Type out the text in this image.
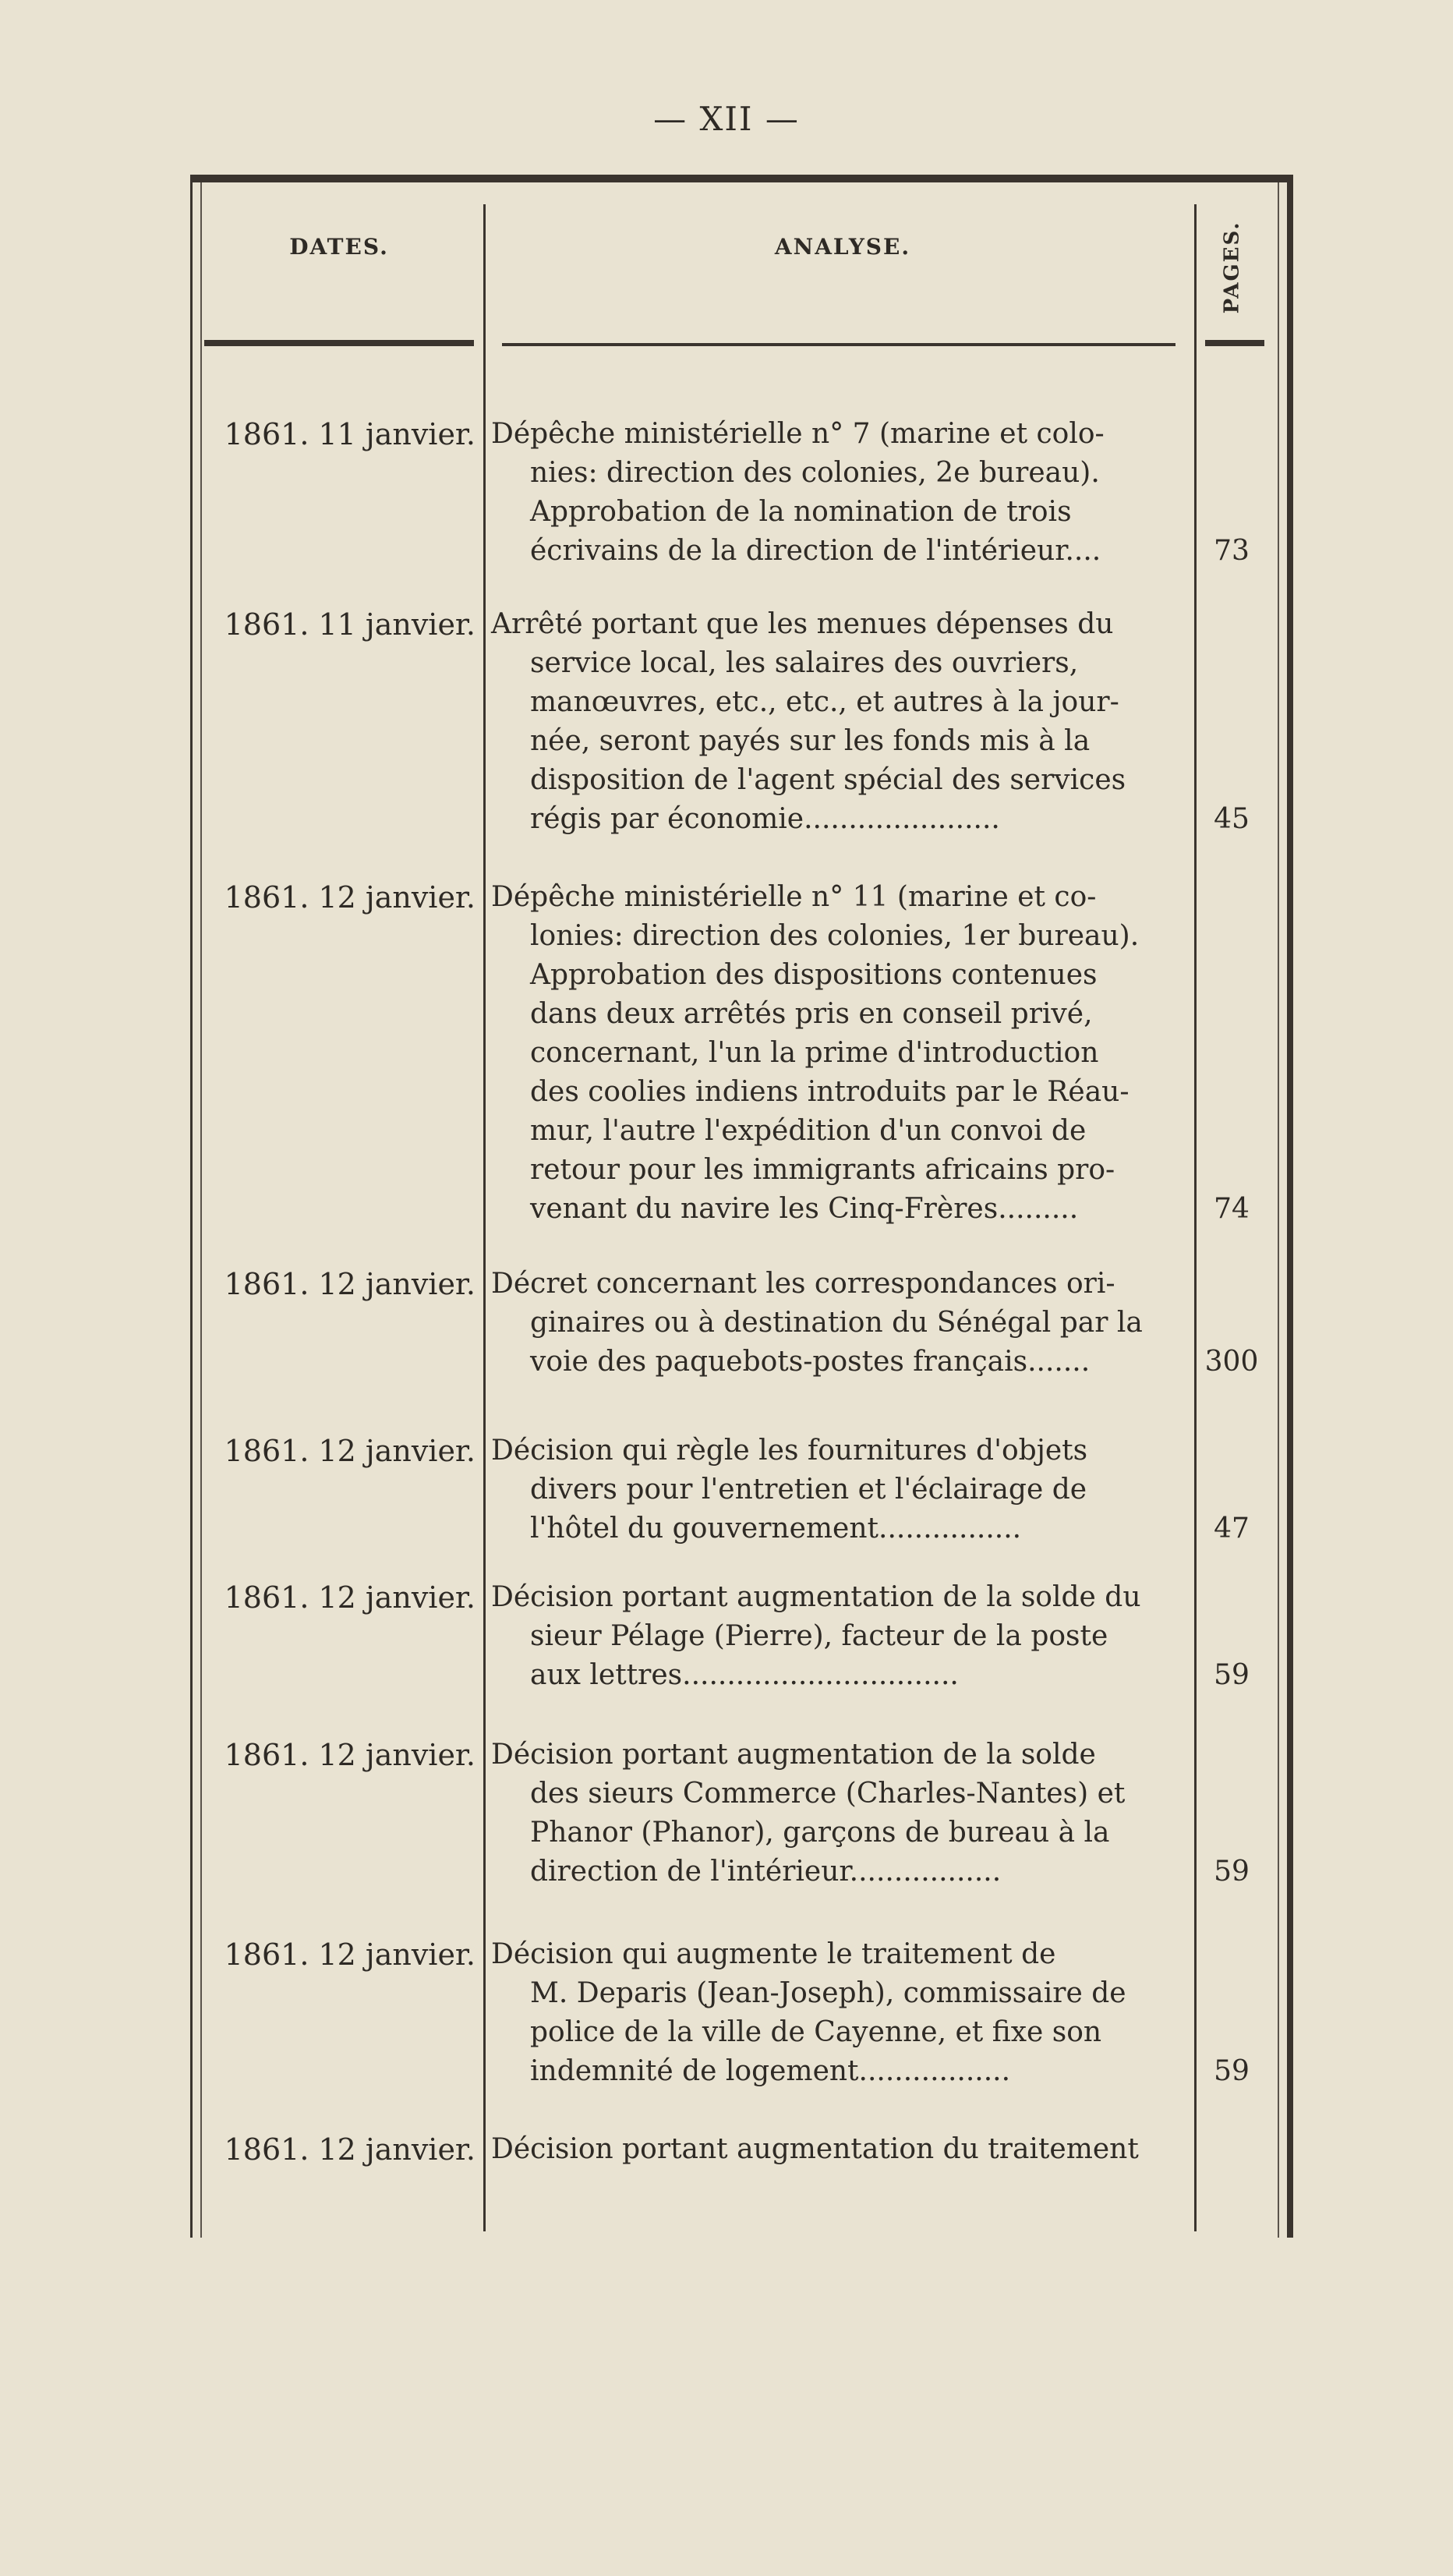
— XII —
DATES.	ANALYSE.	PAGES.
1861. 11 janvier. Dépêche ministérielle n° 7 (marine et colo-
nies: direction des colonies, 2e bureau).
Approbation de la nomination de trois
écrivains de la direction de l'intérieur....	73
1861. 11 janvier. Arrêté portant que les menues dépenses du
service local, les salaires des ouvriers,
manœuvres, etc., etc., et autres à la jour-
née, seront payés sur les fonds mis à la
disposition de l'agent spécial des services
régis par économie......................	45
1861. 12 janvier. Dépêche ministérielle n° 11 (marine et co-
lonies: direction des colonies, 1er bureau).
Approbation des dispositions contenues
dans deux arrêtés pris en conseil privé,
concernant, l'un la prime d'introduction
des coolies indiens introduits par le Réau-
mur, l'autre l'expédition d'un convoi de
retour pour les immigrants africains pro-
venant du navire les Cinq-Frères.........	74
1861. 12 janvier. Décret concernant les correspondances ori-
ginaires ou à destination du Sénégal par la
voie des paquebots-postes français.......	300
1861. 12 janvier. Décision qui règle les fournitures d'objets
divers pour l'entretien et l'éclairage de
l'hôtel du gouvernement................	47
1861. 12 janvier. Décision portant augmentation de la solde du
sieur Pélage (Pierre), facteur de la poste
aux lettres...............................	59
1861. 12 janvier. Décision portant augmentation de la solde
des sieurs Commerce (Charles-Nantes) et
Phanor (Phanor), garçons de bureau à la
direction de l'intérieur.................	59
1861. 12 janvier. Décision qui augmente le traitement de
M. Deparis (Jean-Joseph), commissaire de
police de la ville de Cayenne, et fixe son
indemnité de logement.................	59
1861. 12 janvier. Décision portant augmentation du traitement
